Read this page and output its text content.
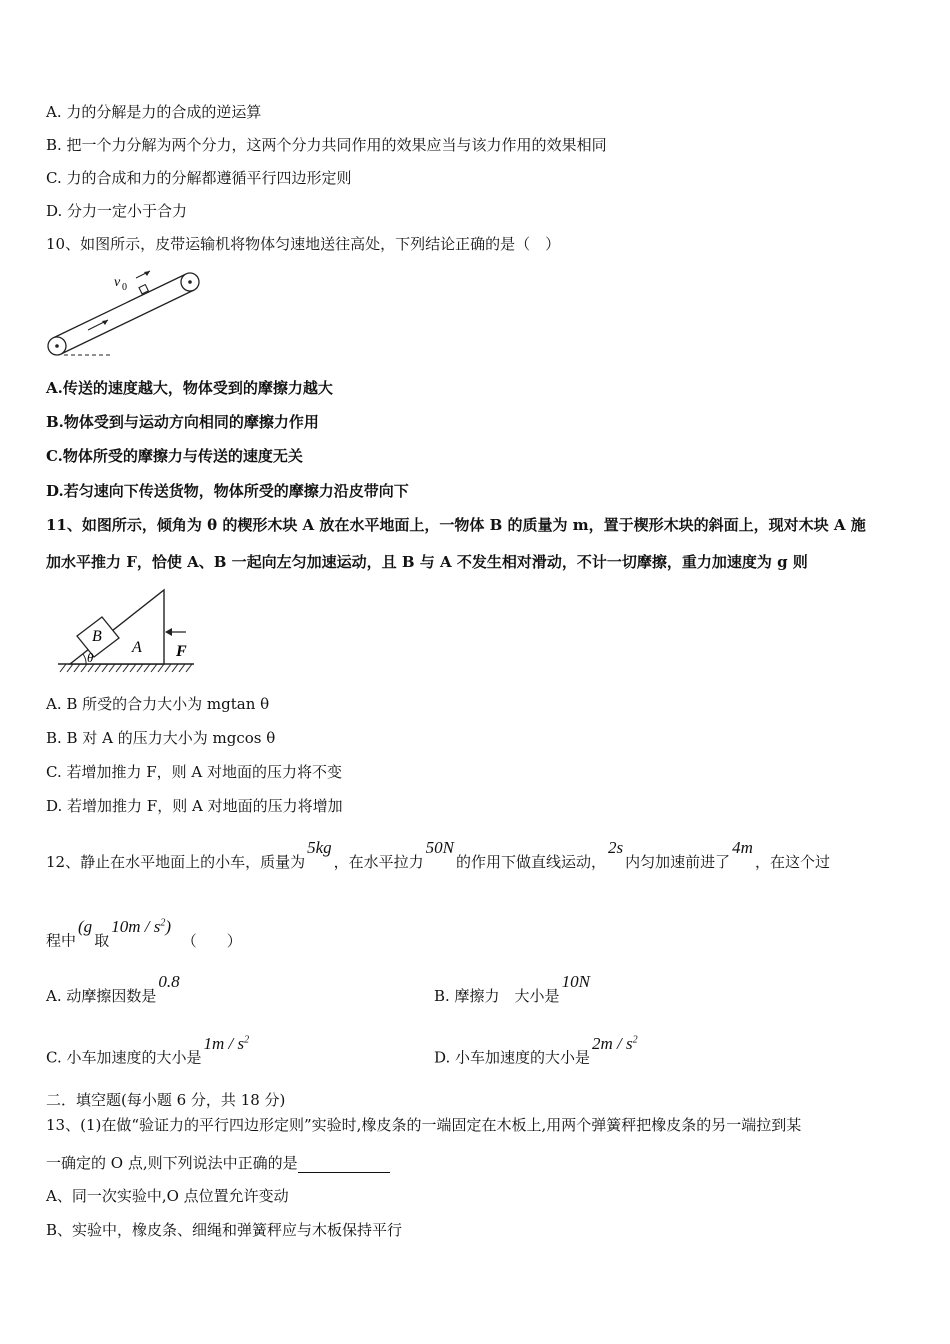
A. 力的分解是力的合成的逆运算
B. 把一个力分解为两个分力，这两个分力共同作用的效果应当与该力作用的效果相同
C. 力的合成和力的分解都遵循平行四边形定则
D. 分力一定小于合力
10、如图所示，皮带运输机将物体匀速地送往高处，下列结论正确的是（　）
v 0
A.传送的速度越大，物体受到的摩擦力越大
B.物体受到与运动方向相同的摩擦力作用
C.物体所受的摩擦力与传送的速度无关
D.若匀速向下传送货物，物体所受的摩擦力沿皮带向下
11、如图所示，倾角为 θ 的楔形木块 A 放在水平地面上，一物体 B 的质量为 m，置于楔形木块的斜面上，现对木块 A 施
加水平推力 F，恰使 A、B 一起向左匀加速运动，且 B 与 A 不发生相对滑动，不计一切摩擦，重力加速度为 g 则
B
A
θ	F
A. B 所受的合力大小为 mgtan θ
B. B 对 A 的压力大小为 mgcos θ
C. 若增加推力 F，则 A 对地面的压力将不变
D. 若增加推力 F，则 A 对地面的压力将增加
12、静止在水平地面上的小车，质量为5kg，在水平拉力50N的作用下做直线运动，2s内匀加速前进了4m，在这个过
程中(g取$10m / s^2$) （　　）
A. 动摩擦因数是0.8
B. 摩擦力　大小是10N
C. 小车加速度的大小是$1m / s^2$
D. 小车加速度的大小是$2m / s^2$
二．填空题(每小题 6 分，共 18 分)
13、(1)在做“验证力的平行四边形定则”实验时,橡皮条的一端固定在木板上,用两个弹簧秤把橡皮条的另一端拉到某
一确定的 O 点,则下列说法中正确的是
A、同一次实验中,O 点位置允许变动
B、实验中，橡皮条、细绳和弹簧秤应与木板保持平行
